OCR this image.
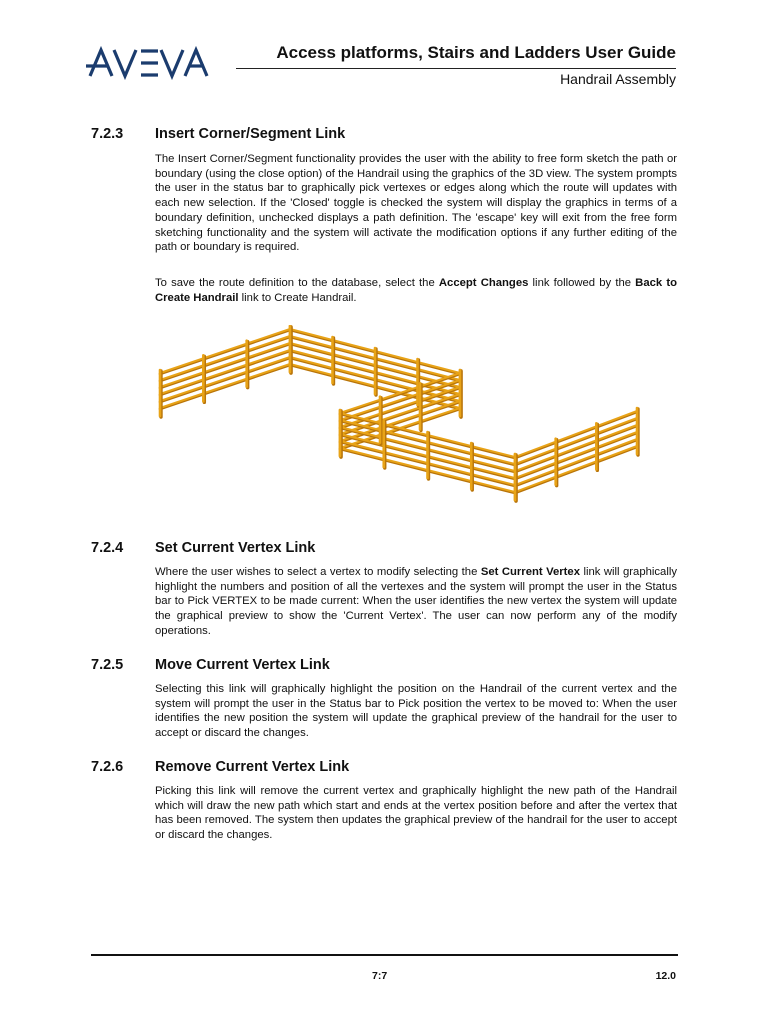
Access platforms, Stairs and Ladders User Guide
Handrail Assembly
7.2.3 Insert Corner/Segment Link

The Insert Corner/Segment functionality provides the user with the ability to free form sketch the path or boundary (using the close option) of the Handrail using the graphics of the 3D view. The system prompts the user in the status bar to graphically pick vertexes or edges along which the route will updates with each new selection. If the 'Closed' toggle is checked the system will display the graphics in terms of a boundary definition, unchecked displays a path definition. The 'escape' key will exit from the free form sketching functionality and the system will activate the modification options if any further editing of the path or boundary is required.

To save the route definition to the database, select the Accept Changes link followed by the Back to Create Handrail link to Create Handrail.

7.2.4 Set Current Vertex Link

Where the user wishes to select a vertex to modify selecting the Set Current Vertex link will graphically highlight the numbers and position of all the vertexes and the system will prompt the user in the Status bar to Pick VERTEX to be made current: When the user identifies the new vertex the system will update the graphical preview to show the 'Current Vertex'. The user can now perform any of the modify operations.

7.2.5 Move Current Vertex Link

Selecting this link will graphically highlight the position on the Handrail of the current vertex and the system will prompt the user in the Status bar to Pick position the vertex to be moved to: When the user identifies the new position the system will update the graphical preview of the handrail for the user to accept or discard the changes.

7.2.6 Remove Current Vertex Link

Picking this link will remove the current vertex and graphically highlight the new path of the Handrail which will draw the new path which start and ends at the vertex position before and after the vertex that has been removed. The system then updates the graphical preview of the handrail for the user to accept or discard the changes.

7:7	12.0
